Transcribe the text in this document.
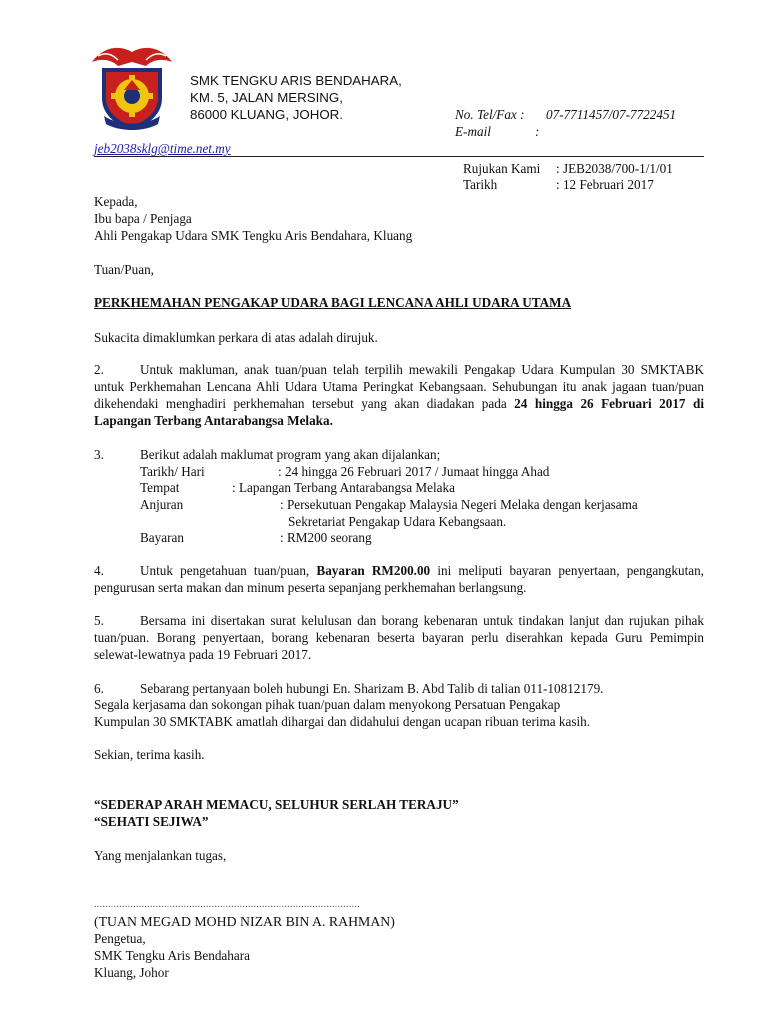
SMK TENGKU ARIS BENDAHARA,
KM. 5, JALAN MERSING,
86000 KLUANG, JOHOR.	No. Tel/Fax : 07-7711457/07-7722451
E-mail	:
jeb2038sklg@time.net.my
Rujukan Kami : JEB2038/700-1/1/01
Tarikh	: 12 Februari 2017
Kepada,
Ibu bapa / Penjaga
Ahli Pengakap Udara SMK Tengku Aris Bendahara, Kluang
Tuan/Puan,
PERKHEMAHAN PENGAKAP UDARA BAGI LENCANA AHLI UDARA UTAMA
Sukacita dimaklumkan perkara di atas adalah dirujuk.
2.	Untuk makluman, anak tuan/puan telah terpilih mewakili Pengakap Udara Kumpulan 30 SMKTABK untuk Perkhemahan Lencana Ahli Udara Utama Peringkat Kebangsaan. Sehubungan itu anak jagaan tuan/puan dikehendaki menghadiri perkhemahan tersebut yang akan diadakan pada 24 hingga 26 Februari 2017 di Lapangan Terbang Antarabangsa Melaka.
3.	Berikut adalah maklumat program yang akan dijalankan;
Tarikh/ Hari	: 24 hingga 26 Februari 2017 / Jumaat hingga Ahad
Tempat	: Lapangan Terbang Antarabangsa Melaka
Anjuran	: Persekutuan Pengakap Malaysia Negeri Melaka dengan kerjasama
Sekretariat Pengakap Udara Kebangsaan.
Bayaran	: RM200 seorang
4.	Untuk pengetahuan tuan/puan, Bayaran RM200.00 ini meliputi bayaran penyertaan, pengangkutan, pengurusan serta makan dan minum peserta sepanjang perkhemahan berlangsung.
5.	Bersama ini disertakan surat kelulusan dan borang kebenaran untuk tindakan lanjut dan rujukan pihak tuan/puan. Borang penyertaan, borang kebenaran beserta bayaran perlu diserahkan kepada Guru Pemimpin selewat-lewatnya pada 19 Februari 2017.
6.	Sebarang pertanyaan boleh hubungi En. Sharizam B. Abd Talib di talian 011-10812179.
Segala kerjasama dan sokongan pihak tuan/puan dalam menyokong Persatuan Pengakap
Kumpulan 30 SMKTABK amatlah dihargai dan didahului dengan ucapan ribuan terima kasih.
Sekian, terima kasih.
“SEDERAP ARAH MEMACU, SELUHUR SERLAH TERAJU”
“SEHATI SEJIWA”
Yang menjalankan tugas,
...............................................................................................
(TUAN MEGAD MOHD NIZAR BIN A. RAHMAN)
Pengetua,
SMK Tengku Aris Bendahara
Kluang, Johor
